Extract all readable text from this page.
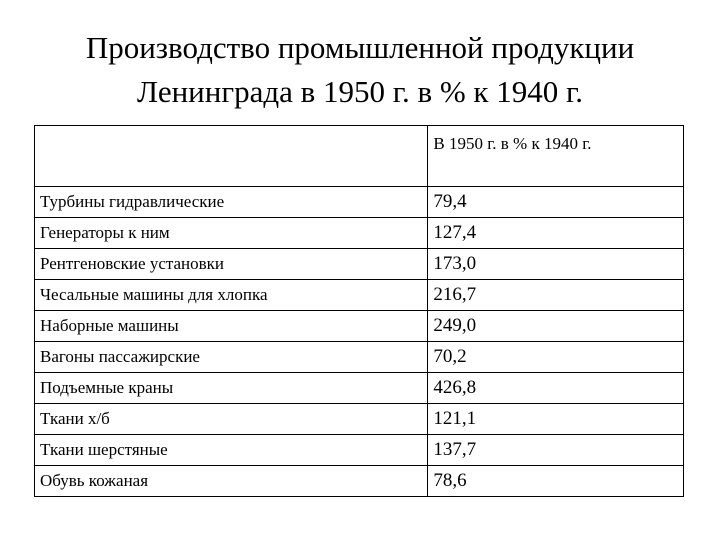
Производство промышленной продукции
Ленинграда в 1950 г. в % к 1940 г.
	В 1950 г. в % к 1940 г.
Турбины гидравлические	79,4
Генераторы к ним	127,4
Рентгеновские установки	173,0
Чесальные машины для хлопка	216,7
Наборные машины	249,0
Вагоны пассажирские	70,2
Подъемные краны	426,8
Ткани х/б	121,1
Ткани шерстяные	137,7
Обувь кожаная	78,6
